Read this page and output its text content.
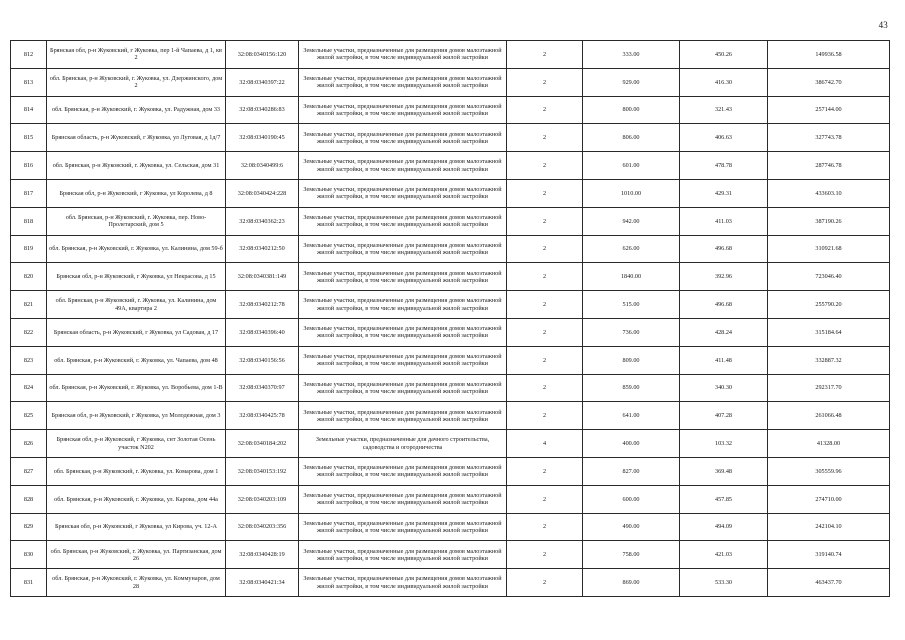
43
812	Брянская обл, р-н Жуковский, г Жуковка, пер 1-й Чапаева, д 1, кв 2	32:08:0340156:120	Земельные участки, предназначенные для размещения домов малоэтажной жилой застройки, в том числе индивидуальной жилой застройки	2	333.00	450.26	149936.58
813	обл. Брянская, р-н Жуковский, г. Жуковка, ул. Дзержинского, дом 2	32:08:0340397:22	Земельные участки, предназначенные для размещения домов малоэтажной жилой застройки, в том числе индивидуальной жилой застройки	2	929.00	416.30	386742.70
814	обл. Брянская, р-н Жуковский, г. Жуковка, ул. Радужная, дом 33	32:08:0340286:83	Земельные участки, предназначенные для размещения домов малоэтажной жилой застройки, в том числе индивидуальной жилой застройки	2	800.00	321.43	257144.00
815	Брянская область, р-н Жуковский, г Жуковка, ул Луговая, д 1д/7	32:08:0340190:45	Земельные участки, предназначенные для размещения домов малоэтажной жилой застройки, в том числе индивидуальной жилой застройки	2	806.00	406.63	327743.78
816	обл. Брянская, р-н Жуковский, г. Жуковка, ул. Сельская, дом 31	32:08:0340499:6	Земельные участки, предназначенные для размещения домов малоэтажной жилой застройки, в том числе индивидуальной жилой застройки	2	601.00	478.78	287746.78
817	Брянская обл, р-н Жуковский, г Жуковка, ул Королева, д 8	32:08:0340424:228	Земельные участки, предназначенные для размещения домов малоэтажной жилой застройки, в том числе индивидуальной жилой застройки	2	1010.00	429.31	433603.10
818	обл. Брянская, р-н Жуковский, г. Жуковка, пер. Ново-Пролетарский, дом 5	32:08:0340362:23	Земельные участки, предназначенные для размещения домов малоэтажной жилой застройки, в том числе индивидуальной жилой застройки	2	942.00	411.03	387190.26
819	обл. Брянская, р-н Жуковский, г. Жуковка, ул. Калинина, дом 59-б	32:08:0340212:50	Земельные участки, предназначенные для размещения домов малоэтажной жилой застройки, в том числе индивидуальной жилой застройки	2	626.00	496.68	310921.68
820	Брянская обл, р-н Жуковский, г Жуковка, ул Некрасова, д 15	32:08:0340381:149	Земельные участки, предназначенные для размещения домов малоэтажной жилой застройки, в том числе индивидуальной жилой застройки	2	1840.00	392.96	723046.40
821	обл. Брянская, р-н Жуковский, г. Жуковка, ул. Калинина, дом 49А, квартира 2	32:08:0340212:78	Земельные участки, предназначенные для размещения домов малоэтажной жилой застройки, в том числе индивидуальной жилой застройки	2	515.00	496.68	255790.20
822	Брянская область, р-н Жуковский, г Жуковка, ул Садовая, д 17	32:08:0340396:40	Земельные участки, предназначенные для размещения домов малоэтажной жилой застройки, в том числе индивидуальной жилой застройки	2	736.00	428.24	315184.64
823	обл. Брянская, р-н Жуковский, г. Жуковка, ул. Чапаева, дом 48	32:08:0340156:56	Земельные участки, предназначенные для размещения домов малоэтажной жилой застройки, в том числе индивидуальной жилой застройки	2	809.00	411.48	332887.32
824	обл. Брянская, р-н Жуковский, г. Жуковка, ул. Воробьева, дом 1-В	32:08:0340370:97	Земельные участки, предназначенные для размещения домов малоэтажной жилой застройки, в том числе индивидуальной жилой застройки	2	859.00	340.30	292317.70
825	Брянская обл, р-н Жуковский, г Жуковка, ул Молодежная, дом 3	32:08:0340425:78	Земельные участки, предназначенные для размещения домов малоэтажной жилой застройки, в том числе индивидуальной жилой застройки	2	641.00	407.28	261066.48
826	Брянская обл, р-н Жуковский, г Жуковка, снт Золотая Осень участок N202	32:08:0340184:202	Земельные участки, предназначенные для дачного строительства, садоводства и огородничества	4	400.00	103.32	41328.00
827	обл. Брянская, р-н Жуковский, г. Жуковка, ул. Комарова, дом 1	32:08:0340153:192	Земельные участки, предназначенные для размещения домов малоэтажной жилой застройки, в том числе индивидуальной жилой застройки	2	827.00	369.48	305559.96
828	обл. Брянская, р-н Жуковский, г. Жуковка, ул. Карова, дом 44а	32:08:0340203:109	Земельные участки, предназначенные для размещения домов малоэтажной жилой застройки, в том числе индивидуальной жилой застройки	2	600.00	457.85	274710.00
829	Брянская обл, р-н Жуковский, г Жуковка, ул Кирова, уч. 12-А	32:08:0340203:356	Земельные участки, предназначенные для размещения домов малоэтажной жилой застройки, в том числе индивидуальной жилой застройки	2	490.00	494.09	242104.10
830	обл. Брянская, р-н Жуковский, г. Жуковка, ул. Партизанская, дом 26	32:08:0340428:19	Земельные участки, предназначенные для размещения домов малоэтажной жилой застройки, в том числе индивидуальной жилой застройки	2	758.00	421.03	319140.74
831	обл. Брянская, р-н Жуковский, г. Жуковка, ул. Коммунаров, дом 28	32:08:0340421:34	Земельные участки, предназначенные для размещения домов малоэтажной жилой застройки, в том числе индивидуальной жилой застройки	2	869.00	533.30	463437.70
